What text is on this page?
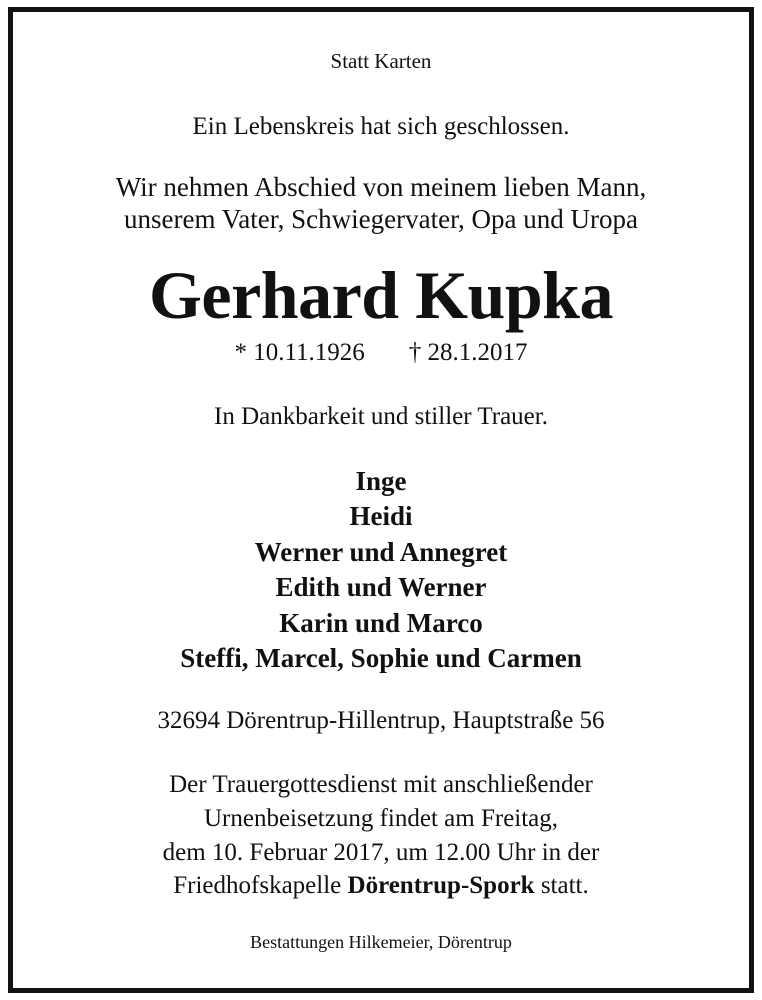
Statt Karten
Ein Lebenskreis hat sich geschlossen.
Wir nehmen Abschied von meinem lieben Mann,
unserem Vater, Schwiegervater, Opa und Uropa
Gerhard Kupka
* 10.11.1926 † 28.1.2017
In Dankbarkeit und stiller Trauer.
Inge
Heidi
Werner und Annegret
Edith und Werner
Karin und Marco
Steffi, Marcel, Sophie und Carmen
32694 Dörentrup-Hillentrup, Hauptstraße 56
Der Trauergottesdienst mit anschließender
Urnenbeisetzung findet am Freitag,
dem 10. Februar 2017, um 12.00 Uhr in der
Friedhofskapelle Dörentrup-Spork statt.
Bestattungen Hilkemeier, Dörentrup
